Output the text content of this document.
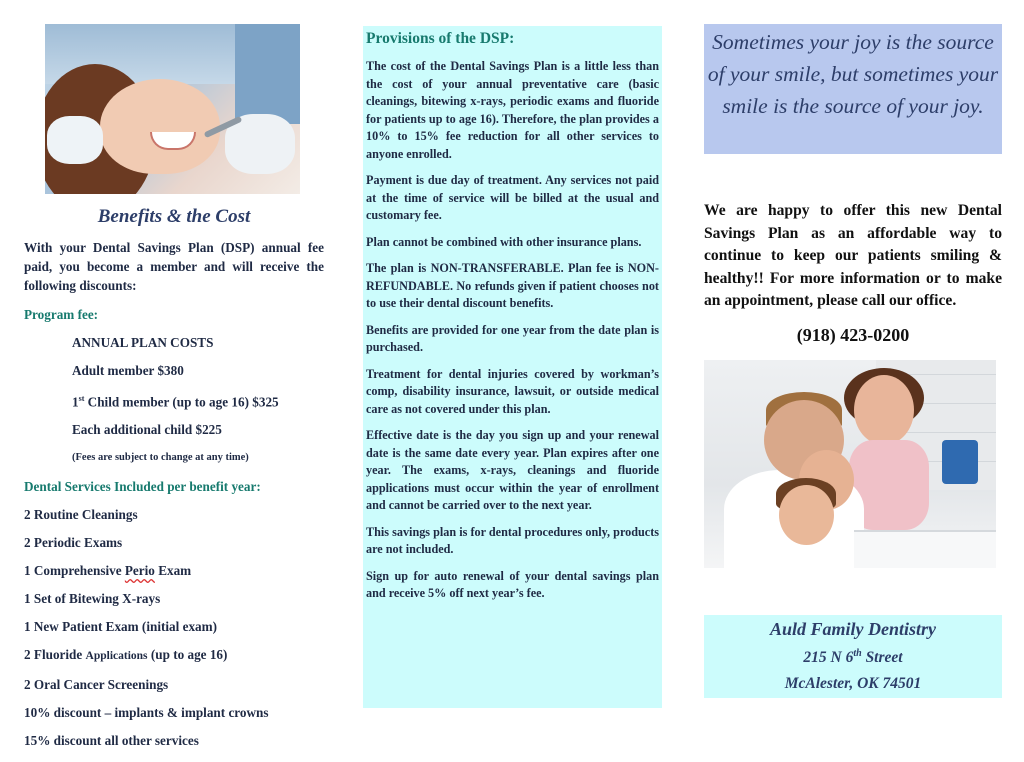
Benefits & the Cost

With your Dental Savings Plan (DSP) annual fee paid, you become a member and will receive the following discounts:

Program fee:

ANNUAL PLAN COSTS

Adult member $380

1st Child member (up to age 16) $325

Each additional child $225

(Fees are subject to change at any time)

Dental Services Included per benefit year:

2 Routine Cleanings

2 Periodic Exams

1 Comprehensive Perio Exam

1 Set of Bitewing X-rays

1 New Patient Exam (initial exam)

2 Fluoride Applications (up to age 16)

2 Oral Cancer Screenings

10% discount – implants & implant crowns

15% discount all other services

Provisions of the DSP:

The cost of the Dental Savings Plan is a little less than the cost of your annual preventative care (basic cleanings, bitewing x-rays, periodic exams and fluoride for patients up to age 16). Therefore, the plan provides a 10% to 15% fee reduction for all other services to anyone enrolled.

Payment is due day of treatment. Any services not paid at the time of service will be billed at the usual and customary fee.

Plan cannot be combined with other insurance plans.

The plan is NON-TRANSFERABLE. Plan fee is NON-REFUNDABLE. No refunds given if patient chooses not to use their dental discount benefits.

Benefits are provided for one year from the date plan is purchased.

Treatment for dental injuries covered by workman’s comp, disability insurance, lawsuit, or outside medical care as not covered under this plan.

Effective date is the day you sign up and your renewal date is the same date every year. Plan expires after one year. The exams, x-rays, cleanings and fluoride applications must occur within the year of enrollment and cannot be carried over to the next year.

This savings plan is for dental procedures only, products are not included.

Sign up for auto renewal of your dental savings plan and receive 5% off next year’s fee.

Sometimes your joy is the source of your smile, but sometimes your smile is the source of your joy.

We are happy to offer this new Dental Savings Plan as an affordable way to continue to keep our patients smiling & healthy!! For more information or to make an appointment, please call our office.

(918) 423-0200

Auld Family Dentistry
215 N 6th Street
McAlester, OK 74501
